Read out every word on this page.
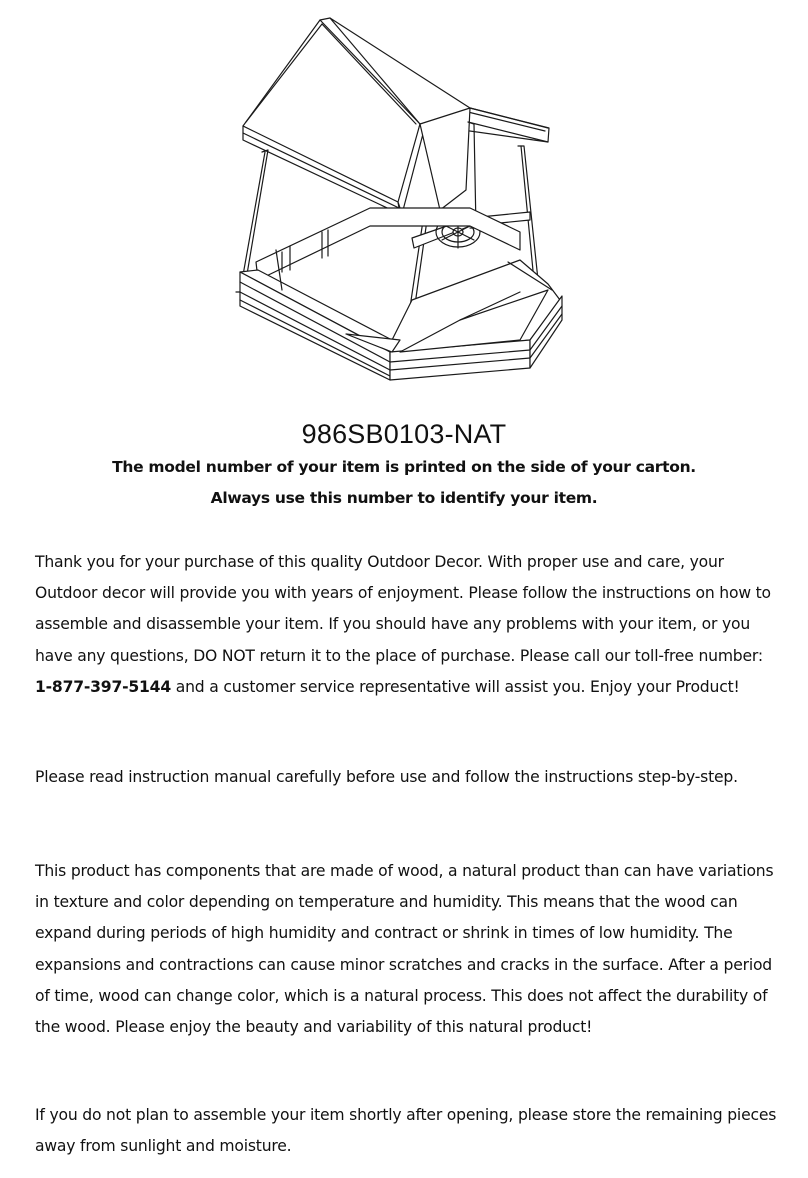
986SB0103-NAT
The model number of your item is printed on the side of your carton.
Always use this number to identify your item.

Thank you for your purchase of this quality Outdoor Decor. With proper use and care, your Outdoor decor will provide you with years of enjoyment. Please follow the instructions on how to assemble and disassemble your item. If you should have any problems with your item, or you have any questions, DO NOT return it to the place of purchase. Please call our toll-free number: 1-877-397-5144 and a customer service representative will assist you. Enjoy your Product!

Please read instruction manual carefully before use and follow the instructions step-by-step.

This product has components that are made of wood, a natural product than can have variations in texture and color depending on temperature and humidity. This means that the wood can expand during periods of high humidity and contract or shrink in times of low humidity. The expansions and contractions can cause minor scratches and cracks in the surface. After a period of time, wood can change color, which is a natural process. This does not affect the durability of the wood. Please enjoy the beauty and variability of this natural product!

If you do not plan to assemble your item shortly after opening, please store the remaining pieces away from sunlight and moisture.
